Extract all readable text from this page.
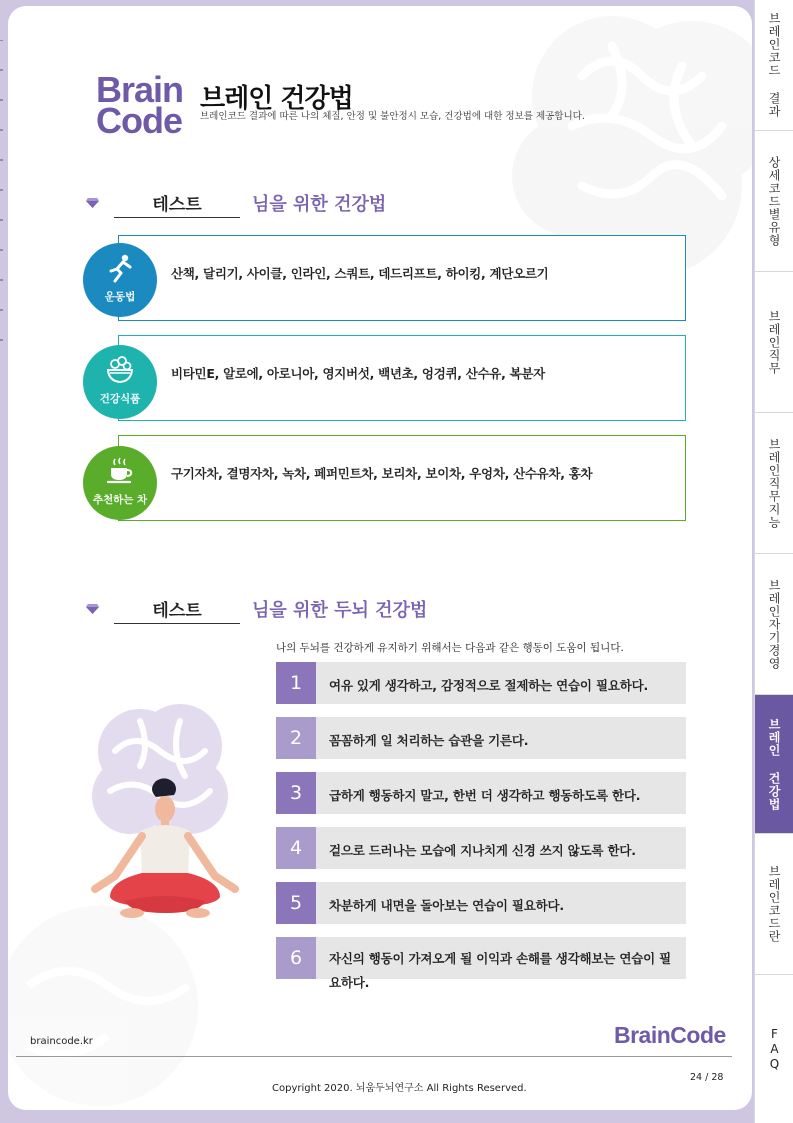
Brain
Code
브레인 건강법
브레인코드 결과에 따른 나의 체질, 안정 및 불안정시 모습, 건강법에 대한 정보를 제공합니다.
테스트	님을 위한 건강법
산책, 달리기, 사이클, 인라인, 스쿼트, 데드리프트, 하이킹, 계단오르기
운동법
비타민E, 알로에, 아로니아, 영지버섯, 백년초, 엉겅퀴, 산수유, 복분자
건강식품
구기자차, 결명자차, 녹차, 페퍼민트차, 보리차, 보이차, 우엉차, 산수유차, 홍차
추천하는 차
테스트	님을 위한 두뇌 건강법
나의 두뇌를 건강하게 유지하기 위해서는 다음과 같은 행동이 도움이 됩니다.
1	여유 있게 생각하고, 감정적으로 절제하는 연습이 필요하다.
2	꼼꼼하게 일 처리하는 습관을 기른다.
3	급하게 행동하지 말고, 한번 더 생각하고 행동하도록 한다.
4	겉으로 드러나는 모습에 지나치게 신경 쓰지 않도록 한다.
5	차분하게 내면을 돌아보는 연습이 필요하다.
6	자신의 행동이 가져오게 될 이익과 손해를 생각해보는 연습이 필요하다.
braincode.kr	BrainCode
Copyright 2020. 뇌움두뇌연구소 All Rights Reserved.
24 / 28
브레인코드 결과
상세코드별유형
브레인직무
브레인직무지능
브레인자기경영
브레인 건강법
브레인코드란
FAQ
